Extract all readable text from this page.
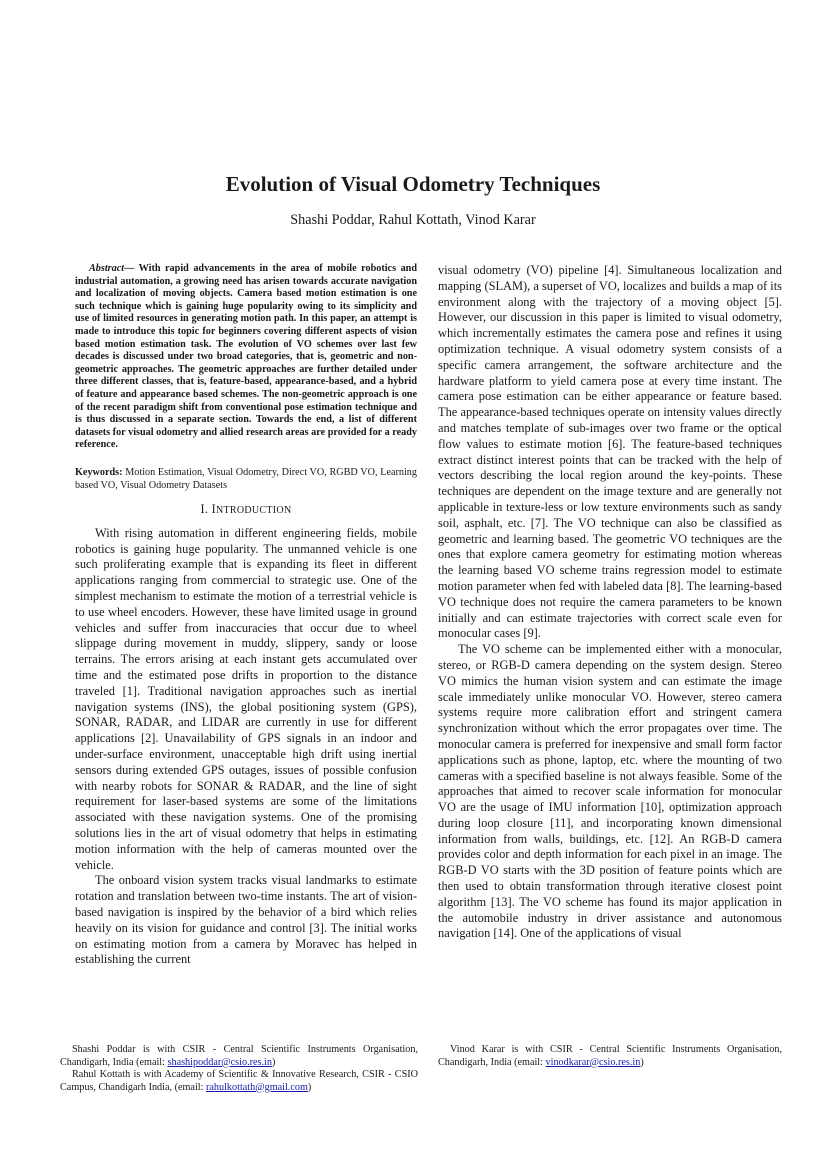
Evolution of Visual Odometry Techniques
Shashi Poddar, Rahul Kottath, Vinod Karar

Abstract— With rapid advancements in the area of mobile robotics and industrial automation, a growing need has arisen towards accurate navigation and localization of moving objects. Camera based motion estimation is one such technique which is gaining huge popularity owing to its simplicity and use of limited resources in generating motion path. In this paper, an attempt is made to introduce this topic for beginners covering different aspects of vision based motion estimation task. The evolution of VO schemes over last few decades is discussed under two broad categories, that is, geometric and non-geometric approaches. The geometric approaches are further detailed under three different classes, that is, feature-based, appearance-based, and a hybrid of feature and appearance based schemes. The non-geometric approach is one of the recent paradigm shift from conventional pose estimation technique and is thus discussed in a separate section. Towards the end, a list of different datasets for visual odometry and allied research areas are provided for a ready reference.

Keywords: Motion Estimation, Visual Odometry, Direct VO, RGBD VO, Learning based VO, Visual Odometry Datasets

I. INTRODUCTION

With rising automation in different engineering fields, mobile robotics is gaining huge popularity. The unmanned vehicle is one such proliferating example that is expanding its fleet in different applications ranging from commercial to strategic use. One of the simplest mechanism to estimate the motion of a terrestrial vehicle is to use wheel encoders. However, these have limited usage in ground vehicles and suffer from inaccuracies that occur due to wheel slippage during movement in muddy, slippery, sandy or loose terrains. The errors arising at each instant gets accumulated over time and the estimated pose drifts in proportion to the distance traveled [1]. Traditional navigation approaches such as inertial navigation systems (INS), the global positioning system (GPS), SONAR, RADAR, and LIDAR are currently in use for different applications [2]. Unavailability of GPS signals in an indoor and under-surface environment, unacceptable high drift using inertial sensors during extended GPS outages, issues of possible confusion with nearby robots for SONAR & RADAR, and the line of sight requirement for laser-based systems are some of the limitations associated with these navigation systems. One of the promising solutions lies in the art of visual odometry that helps in estimating motion information with the help of cameras mounted over the vehicle.

The onboard vision system tracks visual landmarks to estimate rotation and translation between two-time instants. The art of vision-based navigation is inspired by the behavior of a bird which relies heavily on its vision for guidance and control [3]. The initial works on estimating motion from a camera by Moravec has helped in establishing the current

visual odometry (VO) pipeline [4]. Simultaneous localization and mapping (SLAM), a superset of VO, localizes and builds a map of its environment along with the trajectory of a moving object [5]. However, our discussion in this paper is limited to visual odometry, which incrementally estimates the camera pose and refines it using optimization technique. A visual odometry system consists of a specific camera arrangement, the software architecture and the hardware platform to yield camera pose at every time instant. The camera pose estimation can be either appearance or feature based. The appearance-based techniques operate on intensity values directly and matches template of sub-images over two frame or the optical flow values to estimate motion [6]. The feature-based techniques extract distinct interest points that can be tracked with the help of vectors describing the local region around the key-points. These techniques are dependent on the image texture and are generally not applicable in texture-less or low texture environments such as sandy soil, asphalt, etc. [7]. The VO technique can also be classified as geometric and learning based. The geometric VO techniques are the ones that explore camera geometry for estimating motion whereas the learning based VO scheme trains regression model to estimate motion parameter when fed with labeled data [8]. The learning-based VO technique does not require the camera parameters to be known initially and can estimate trajectories with correct scale even for monocular cases [9].

The VO scheme can be implemented either with a monocular, stereo, or RGB-D camera depending on the system design. Stereo VO mimics the human vision system and can estimate the image scale immediately unlike monocular VO. However, stereo camera systems require more calibration effort and stringent camera synchronization without which the error propagates over time. The monocular camera is preferred for inexpensive and small form factor applications such as phone, laptop, etc. where the mounting of two cameras with a specified baseline is not always feasible. Some of the approaches that aimed to recover scale information for monocular VO are the usage of IMU information [10], optimization approach during loop closure [11], and incorporating known dimensional information from walls, buildings, etc. [12]. An RGB-D camera provides color and depth information for each pixel in an image. The RGB-D VO starts with the 3D position of feature points which are then used to obtain transformation through iterative closest point algorithm [13]. The VO scheme has found its major application in the automobile industry in driver assistance and autonomous navigation [14]. One of the applications of visual

Shashi Poddar is with CSIR - Central Scientific Instruments Organisation, Chandigarh, India (email: shashipoddar@csio.res.in)

Rahul Kottath is with Academy of Scientific & Innovative Research, CSIR - CSIO Campus, Chandigarh India, (email: rahulkottath@gmail.com)

Vinod Karar is with CSIR - Central Scientific Instruments Organisation, Chandigarh, India (email: vinodkarar@csio.res.in)
